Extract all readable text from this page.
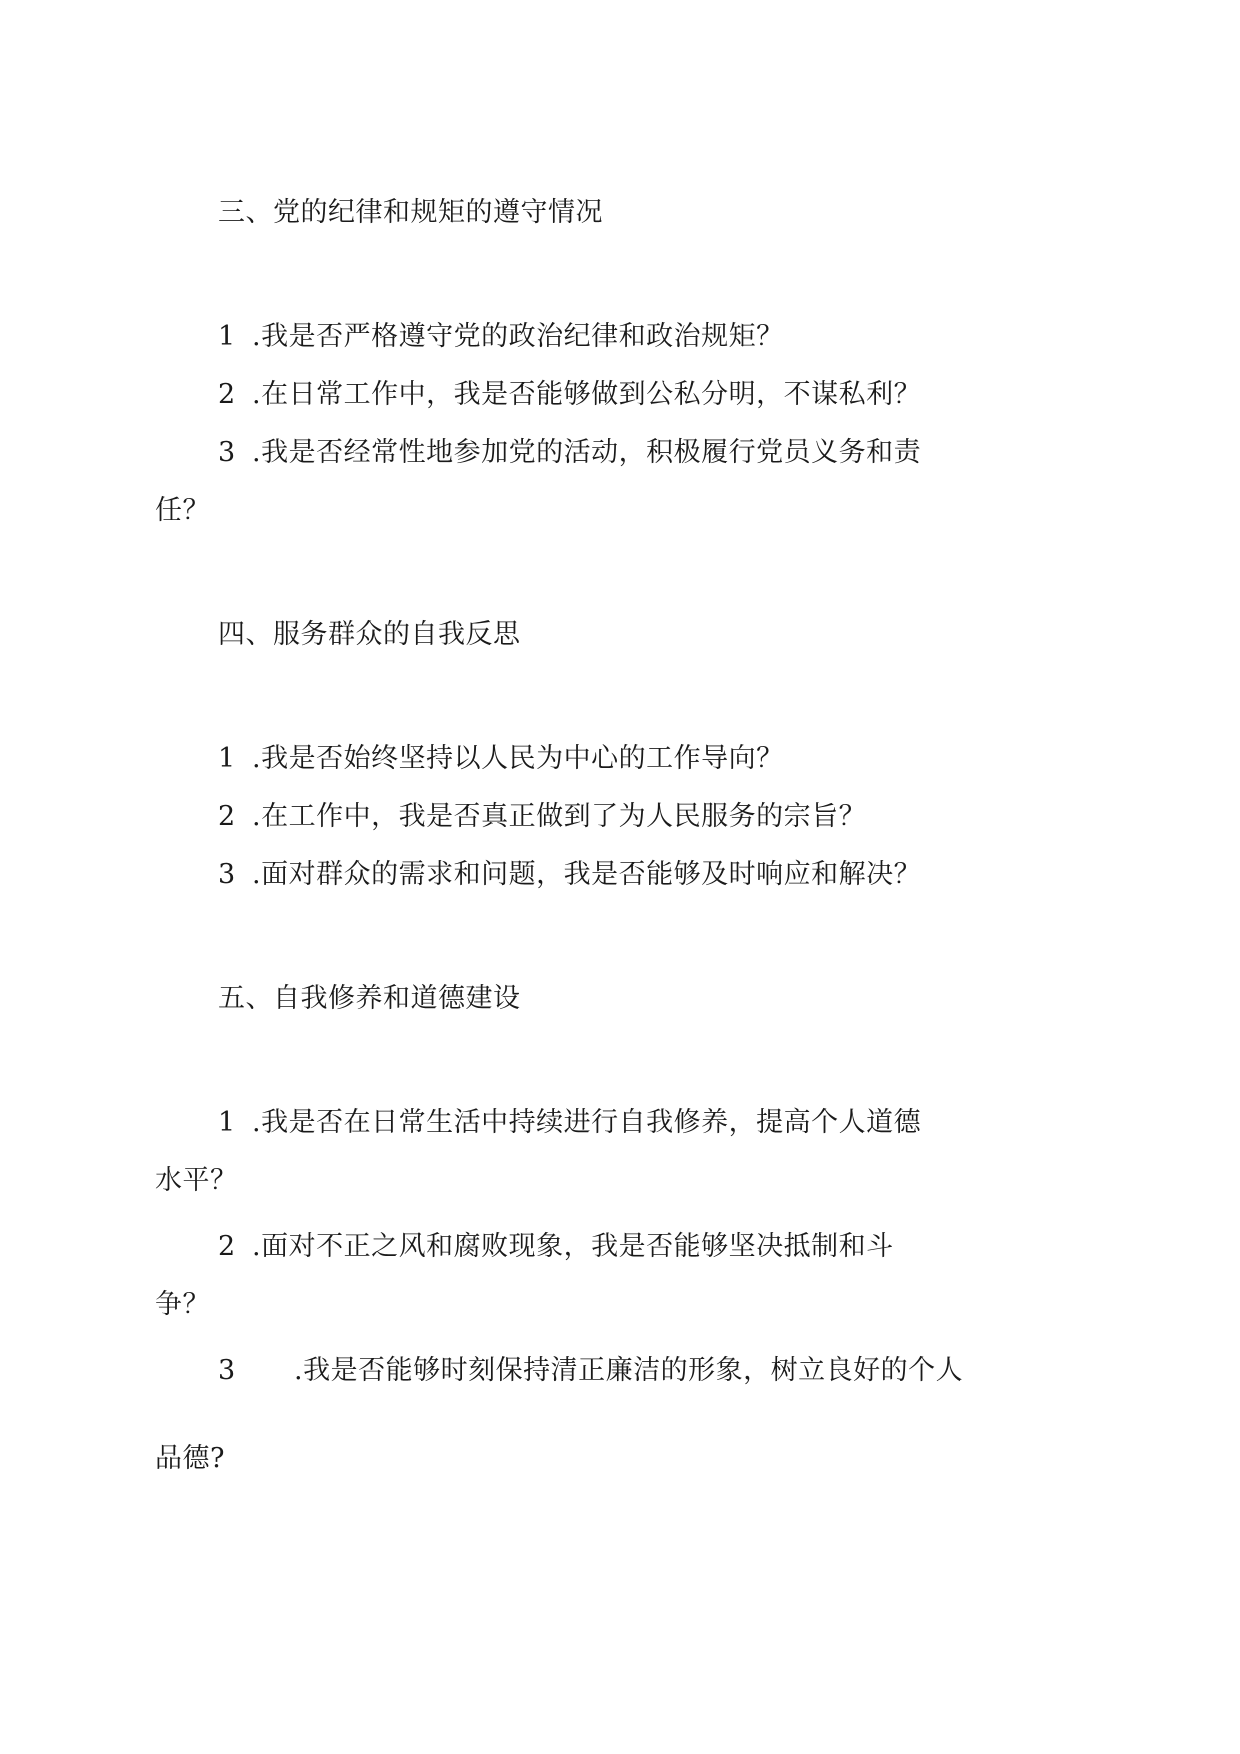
三、党的纪律和规矩的遵守情况
1 .我是否严格遵守党的政治纪律和政治规矩？
2 .在日常工作中，我是否能够做到公私分明，不谋私利？
3 .我是否经常性地参加党的活动，积极履行党员义务和责
任？
四、服务群众的自我反思
1 .我是否始终坚持以人民为中心的工作导向？
2 .在工作中，我是否真正做到了为人民服务的宗旨？
3 .面对群众的需求和问题，我是否能够及时响应和解决？
五、自我修养和道德建设
1 .我是否在日常生活中持续进行自我修养，提高个人道德
水平？
2 .面对不正之风和腐败现象，我是否能够坚决抵制和斗
争？
3 .我是否能够时刻保持清正廉洁的形象，树立良好的个人
品德?
